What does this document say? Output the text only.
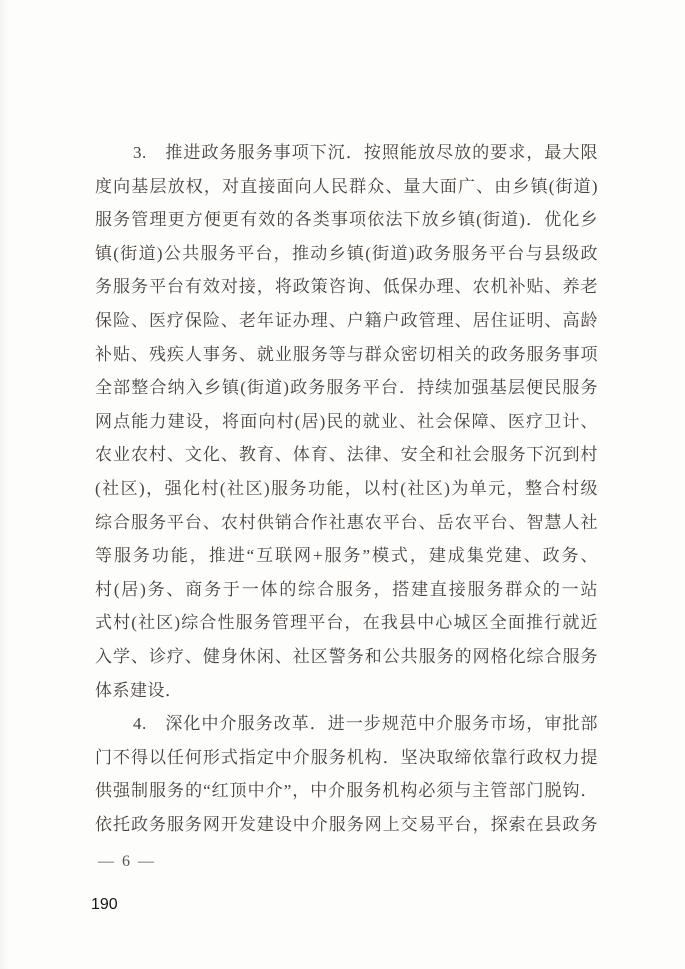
3.　推进政务服务事项下沉．按照能放尽放的要求，最大限
度向基层放权，对直接面向人民群众、量大面广、由乡镇(街道)
服务管理更方便更有效的各类事项依法下放乡镇(街道)．优化乡
镇(街道)公共服务平台，推动乡镇(街道)政务服务平台与县级政
务服务平台有效对接，将政策咨询、低保办理、农机补贴、养老
保险、医疗保险、老年证办理、户籍户政管理、居住证明、高龄
补贴、残疾人事务、就业服务等与群众密切相关的政务服务事项
全部整合纳入乡镇(街道)政务服务平台．持续加强基层便民服务
网点能力建设，将面向村(居)民的就业、社会保障、医疗卫计、
农业农村、文化、教育、体育、法律、安全和社会服务下沉到村
(社区)，强化村(社区)服务功能，以村(社区)为单元，整合村级
综合服务平台、农村供销合作社惠农平台、岳农平台、智慧人社
等服务功能，推进“互联网+服务”模式，建成集党建、政务、
村(居)务、商务于一体的综合服务，搭建直接服务群众的一站
式村(社区)综合性服务管理平台，在我县中心城区全面推行就近
入学、诊疗、健身休闲、社区警务和公共服务的网格化综合服务
体系建设．
4.　深化中介服务改革．进一步规范中介服务市场，审批部
门不得以任何形式指定中介服务机构．坚决取缔依靠行政权力提
供强制服务的“红顶中介”，中介服务机构必须与主管部门脱钩．
依托政务服务网开发建设中介服务网上交易平台，探索在县政务
— 6 —
190
